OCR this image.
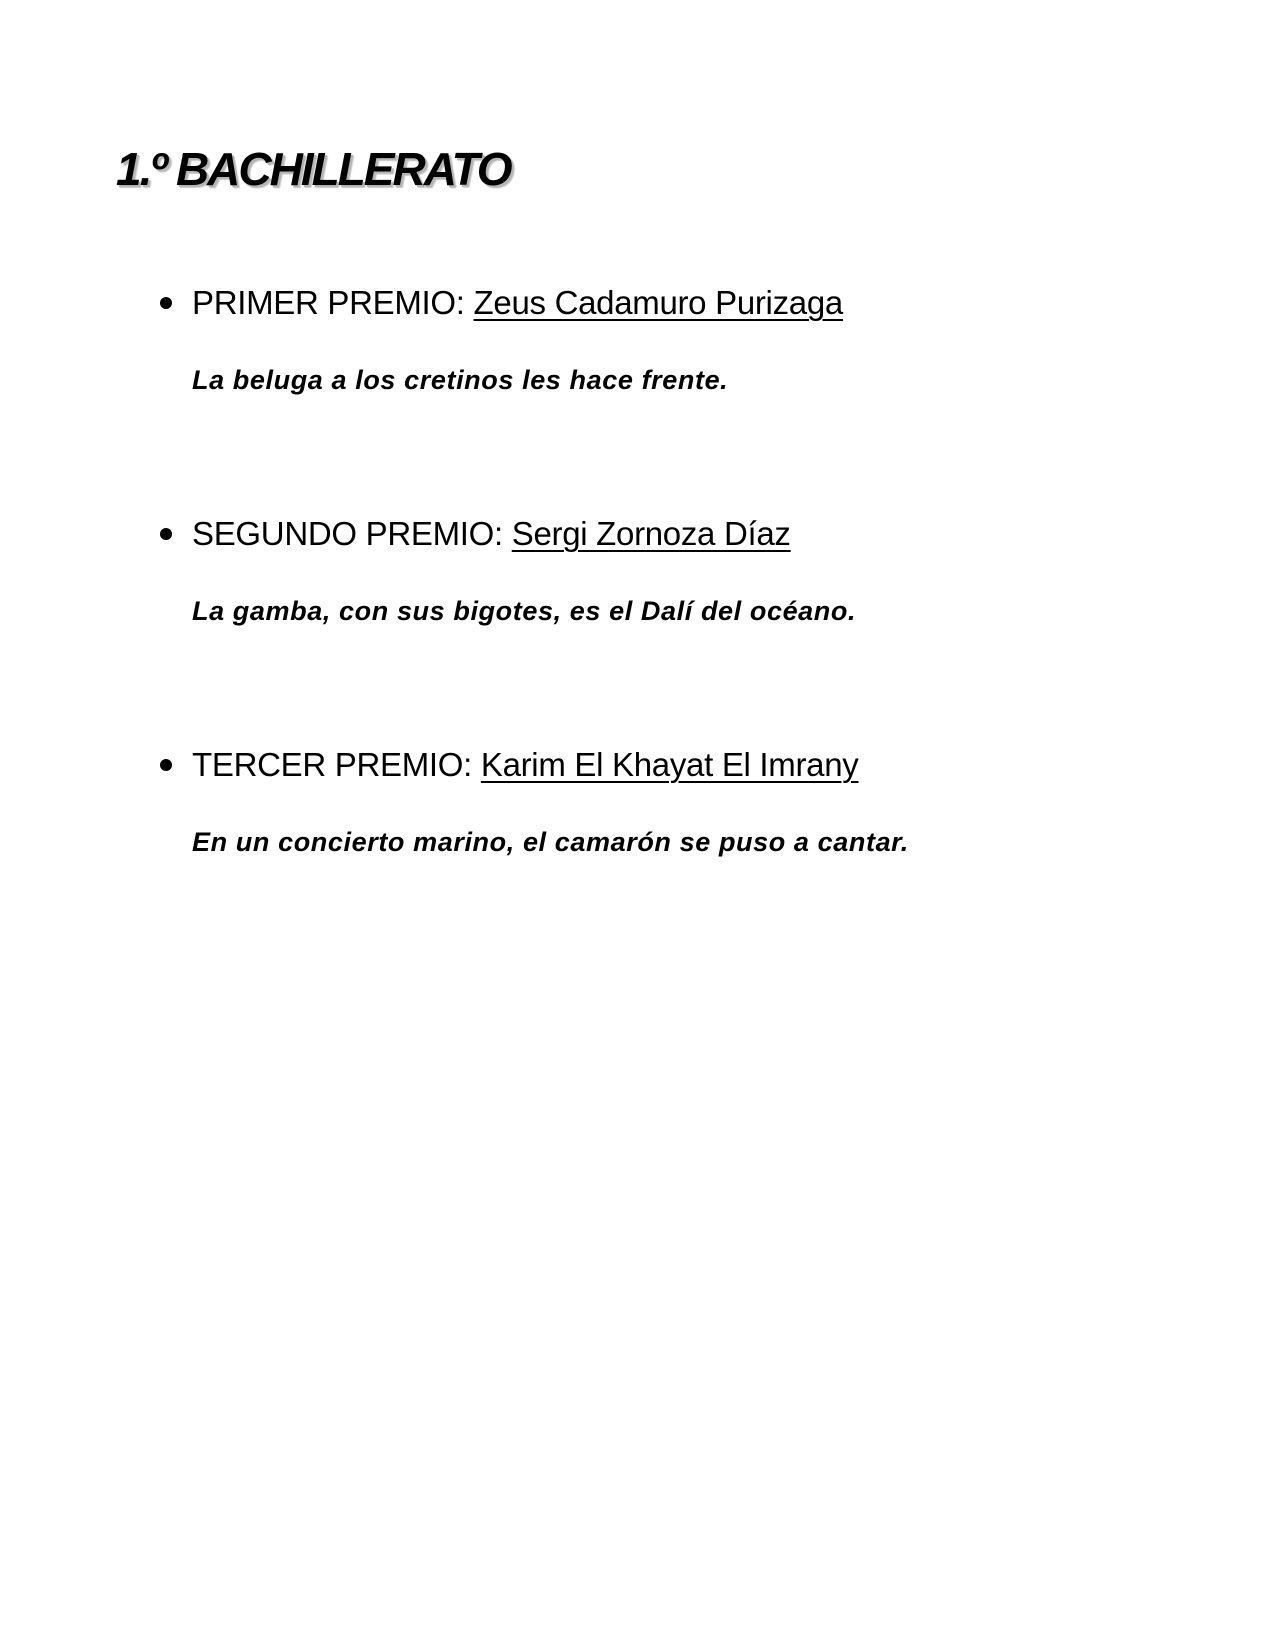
1.º BACHILLERATO
PRIMER PREMIO: Zeus Cadamuro Purizaga
La beluga a los cretinos les hace frente.
SEGUNDO PREMIO: Sergi Zornoza Díaz
La gamba, con sus bigotes, es el Dalí del océano.
TERCER PREMIO: Karim El Khayat El Imrany
En un concierto marino, el camarón se puso a cantar.
